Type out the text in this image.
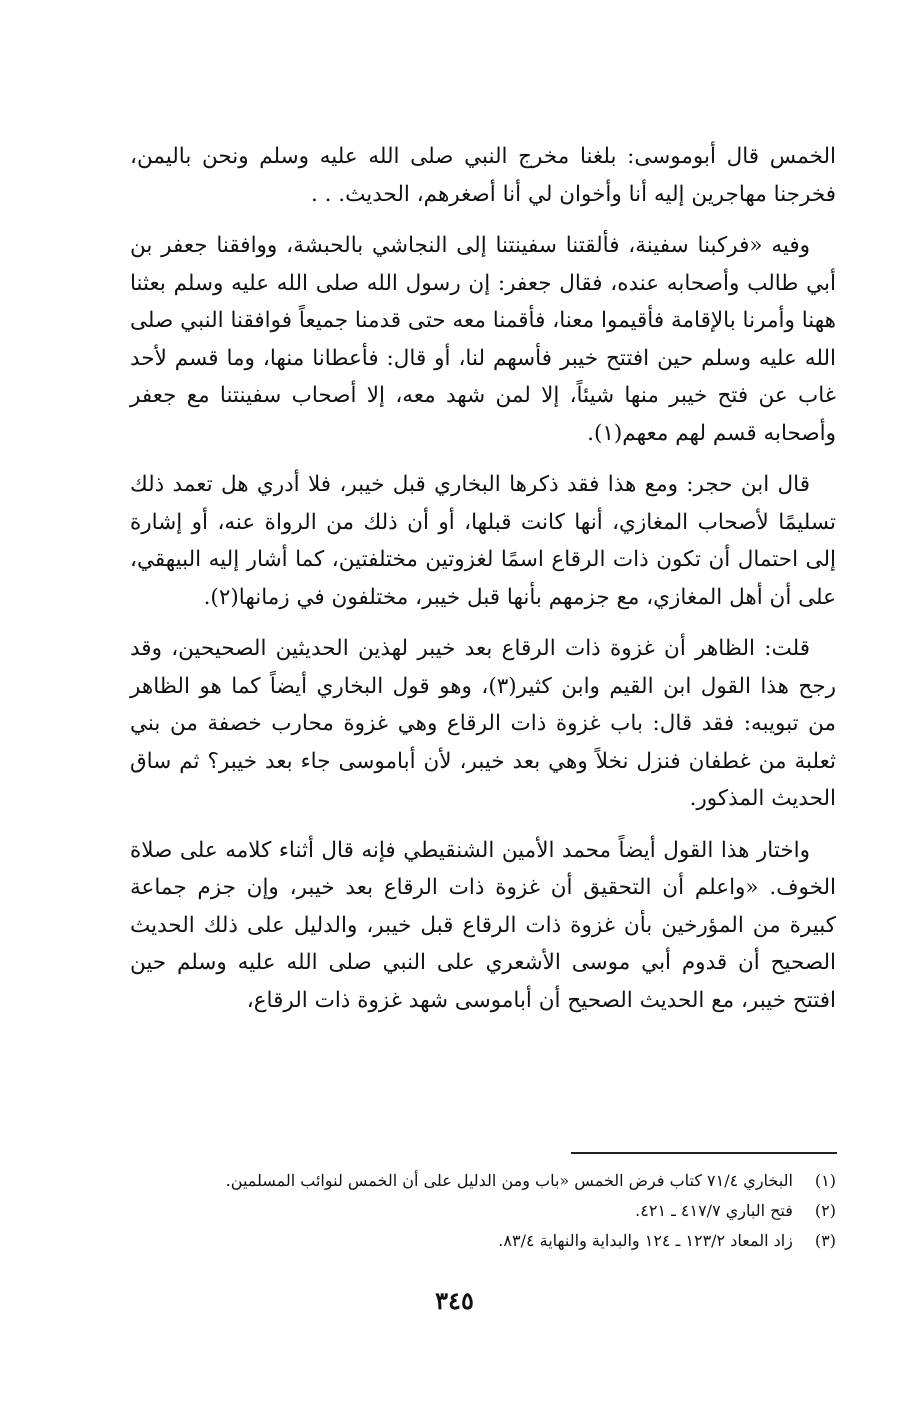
الخمس قال أبوموسى: بلغنا مخرج النبي صلى الله عليه وسلم ونحن باليمن، فخرجنا مهاجرين إليه أنا وأخوان لي أنا أصغرهم، الحديث. . .

وفيه «فركبنا سفينة، فألقتنا سفينتنا إلى النجاشي بالحبشة، ووافقنا جعفر بن أبي طالب وأصحابه عنده، فقال جعفر: إن رسول الله صلى الله عليه وسلم بعثنا ههنا وأمرنا بالإقامة فأقيموا معنا، فأقمنا معه حتى قدمنا جميعاً فوافقنا النبي صلى الله عليه وسلم حين افتتح خيبر فأسهم لنا، أو قال: فأعطانا منها، وما قسم لأحد غاب عن فتح خيبر منها شيئاً، إلا لمن شهد معه، إلا أصحاب سفينتنا مع جعفر وأصحابه قسم لهم معهم(١).

قال ابن حجر: ومع هذا فقد ذكرها البخاري قبل خيبر، فلا أدري هل تعمد ذلك تسليمًا لأصحاب المغازي، أنها كانت قبلها، أو أن ذلك من الرواة عنه، أو إشارة إلى احتمال أن تكون ذات الرقاع اسمًا لغزوتين مختلفتين، كما أشار إليه البيهقي، على أن أهل المغازي، مع جزمهم بأنها قبل خيبر، مختلفون في زمانها(٢).

قلت: الظاهر أن غزوة ذات الرقاع بعد خيبر لهذين الحديثين الصحيحين، وقد رجح هذا القول ابن القيم وابن كثير(٣)، وهو قول البخاري أيضاً كما هو الظاهر من تبويبه: فقد قال: باب غزوة ذات الرقاع وهي غزوة محارب خصفة من بني ثعلبة من غطفان فنزل نخلاً وهي بعد خيبر، لأن أباموسى جاء بعد خيبر؟ ثم ساق الحديث المذكور.

واختار هذا القول أيضاً محمد الأمين الشنقيطي فإنه قال أثناء كلامه على صلاة الخوف. «واعلم أن التحقيق أن غزوة ذات الرقاع بعد خيبر، وإن جزم جماعة كبيرة من المؤرخين بأن غزوة ذات الرقاع قبل خيبر، والدليل على ذلك الحديث الصحيح أن قدوم أبي موسى الأشعري على النبي صلى الله عليه وسلم حين افتتح خيبر، مع الحديث الصحيح أن أباموسى شهد غزوة ذات الرقاع،

(١) البخاري ٧١/٤ كتاب فرض الخمس «باب ومن الدليل على أن الخمس لنوائب المسلمين.
(٢) فتح الباري ٤١٧/٧ ـ ٤٢١.
(٣) زاد المعاد ١٢٣/٢ ـ ١٢٤ والبداية والنهاية ٨٣/٤.
٣٤٥
